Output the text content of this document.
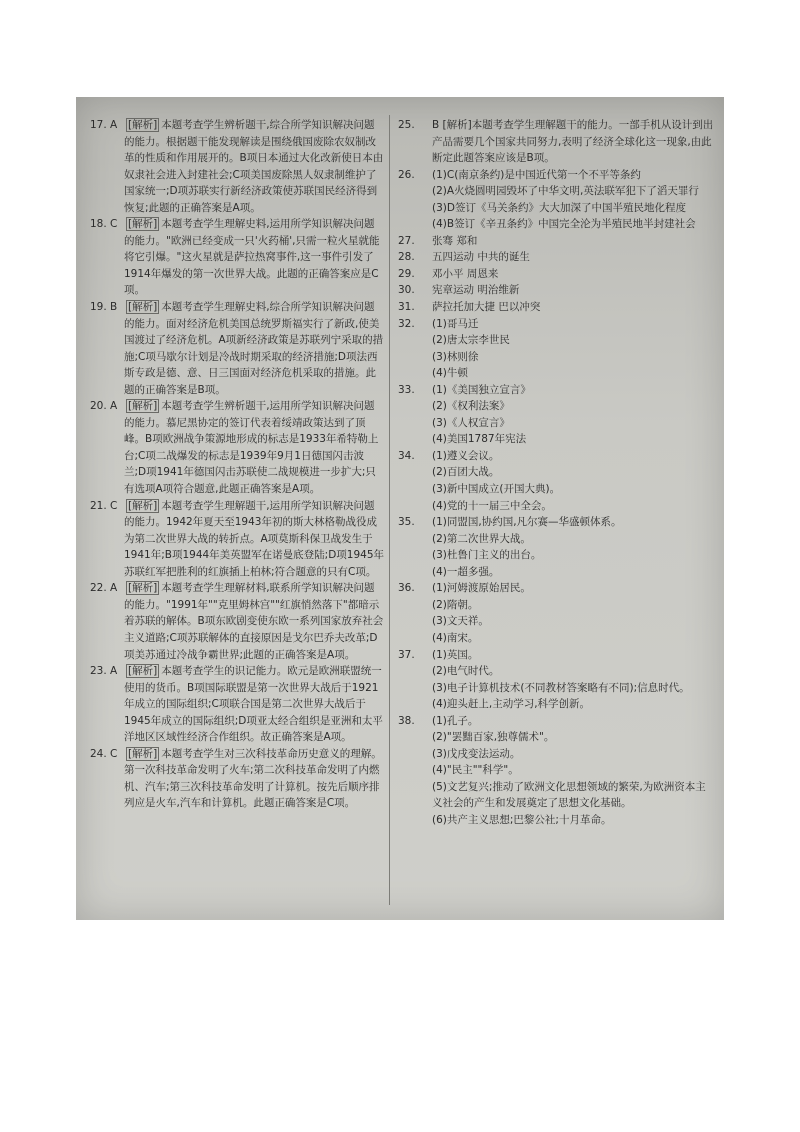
17. A	[解析] 本题考查学生辨析题干,综合所学知识解决问题的能力。根据题干能发现解读是围绕俄国废除农奴制改革的性质和作用展开的。B项日本通过大化改新使日本由奴隶社会进入封建社会;C项美国废除黑人奴隶制维护了国家统一;D项苏联实行新经济政策使苏联国民经济得到恢复;此题的正确答案是A项。
18. C	[解析] 本题考查学生理解史料,运用所学知识解决问题的能力。"欧洲已经变成一只'火药桶',只需一粒火星就能将它引爆。"这火星就是萨拉热窝事件,这一事件引发了1914年爆发的第一次世界大战。此题的正确答案应是C项。
19. B	[解析] 本题考查学生理解史料,综合所学知识解决问题的能力。面对经济危机美国总统罗斯福实行了新政,使美国渡过了经济危机。A项新经济政策是苏联列宁采取的措施;C项马歇尔计划是冷战时期采取的经济措施;D项法西斯专政是德、意、日三国面对经济危机采取的措施。此题的正确答案是B项。
20. A	[解析] 本题考查学生辨析题干,运用所学知识解决问题的能力。慕尼黑协定的签订代表着绥靖政策达到了顶峰。B项欧洲战争策源地形成的标志是1933年希特勒上台;C项二战爆发的标志是1939年9月1日德国闪击波兰;D项1941年德国闪击苏联使二战规模进一步扩大;只有选项A项符合题意,此题正确答案是A项。
21. C	[解析] 本题考查学生理解题干,运用所学知识解决问题的能力。1942年夏天至1943年初的斯大林格勒战役成为第二次世界大战的转折点。A项莫斯科保卫战发生于1941年;B项1944年美英盟军在诺曼底登陆;D项1945年苏联红军把胜利的红旗插上柏林;符合题意的只有C项。
22. A	[解析] 本题考查学生理解材料,联系所学知识解决问题的能力。"1991年""克里姆林宫""红旗悄然落下"都暗示着苏联的解体。B项东欧剧变使东欧一系列国家放弃社会主义道路;C项苏联解体的直接原因是戈尔巴乔夫改革;D项美苏通过冷战争霸世界;此题的正确答案是A项。
23. A	[解析] 本题考查学生的识记能力。欧元是欧洲联盟统一使用的货币。B项国际联盟是第一次世界大战后于1921年成立的国际组织;C项联合国是第二次世界大战后于1945年成立的国际组织;D项亚太经合组织是亚洲和太平洋地区区域性经济合作组织。故正确答案是A项。
24. C	[解析] 本题考查学生对三次科技革命历史意义的理解。第一次科技革命发明了火车;第二次科技革命发明了内燃机、汽车;第三次科技革命发明了计算机。按先后顺序排列应是火车,汽车和计算机。此题正确答案是C项。
25.	B [解析]本题考查学生理解题干的能力。一部手机从设计到出产品需要几个国家共同努力,表明了经济全球化这一现象,由此断定此题答案应该是B项。
26.	(1)C(南京条约)是中国近代第一个不平等条约
(2)A火烧圆明园毁坏了中华文明,英法联军犯下了滔天罪行
(3)D签订《马关条约》大大加深了中国半殖民地化程度
(4)B签订《辛丑条约》中国完全沦为半殖民地半封建社会
27.	张骞 郑和
28.	五四运动 中共的诞生
29.	邓小平 周恩来
30.	宪章运动 明治维新
31.	萨拉托加大捷 巴以冲突
32.	(1)哥马迁
(2)唐太宗李世民
(3)林则徐
(4)牛顿
33.	(1)《美国独立宣言》
(2)《权利法案》
(3)《人权宣言》
(4)美国1787年宪法
34.	(1)遵义会议。
(2)百团大战。
(3)新中国成立(开国大典)。
(4)党的十一届三中全会。
35.	(1)同盟国,协约国,凡尔赛—华盛顿体系。
(2)第二次世界大战。
(3)杜鲁门主义的出台。
(4)一超多强。
36.	(1)河姆渡原始居民。
(2)隋朝。
(3)文天祥。
(4)南宋。
37.	(1)英国。
(2)电气时代。
(3)电子计算机技术(不同教材答案略有不同);信息时代。
(4)迎头赶上,主动学习,科学创新。
38.	(1)孔子。
(2)"罢黜百家,独尊儒术"。
(3)戊戌变法运动。
(4)"民主""科学"。
(5)文艺复兴;推动了欧洲文化思想领域的繁荣,为欧洲资本主义社会的产生和发展奠定了思想文化基础。
(6)共产主义思想;巴黎公社;十月革命。
